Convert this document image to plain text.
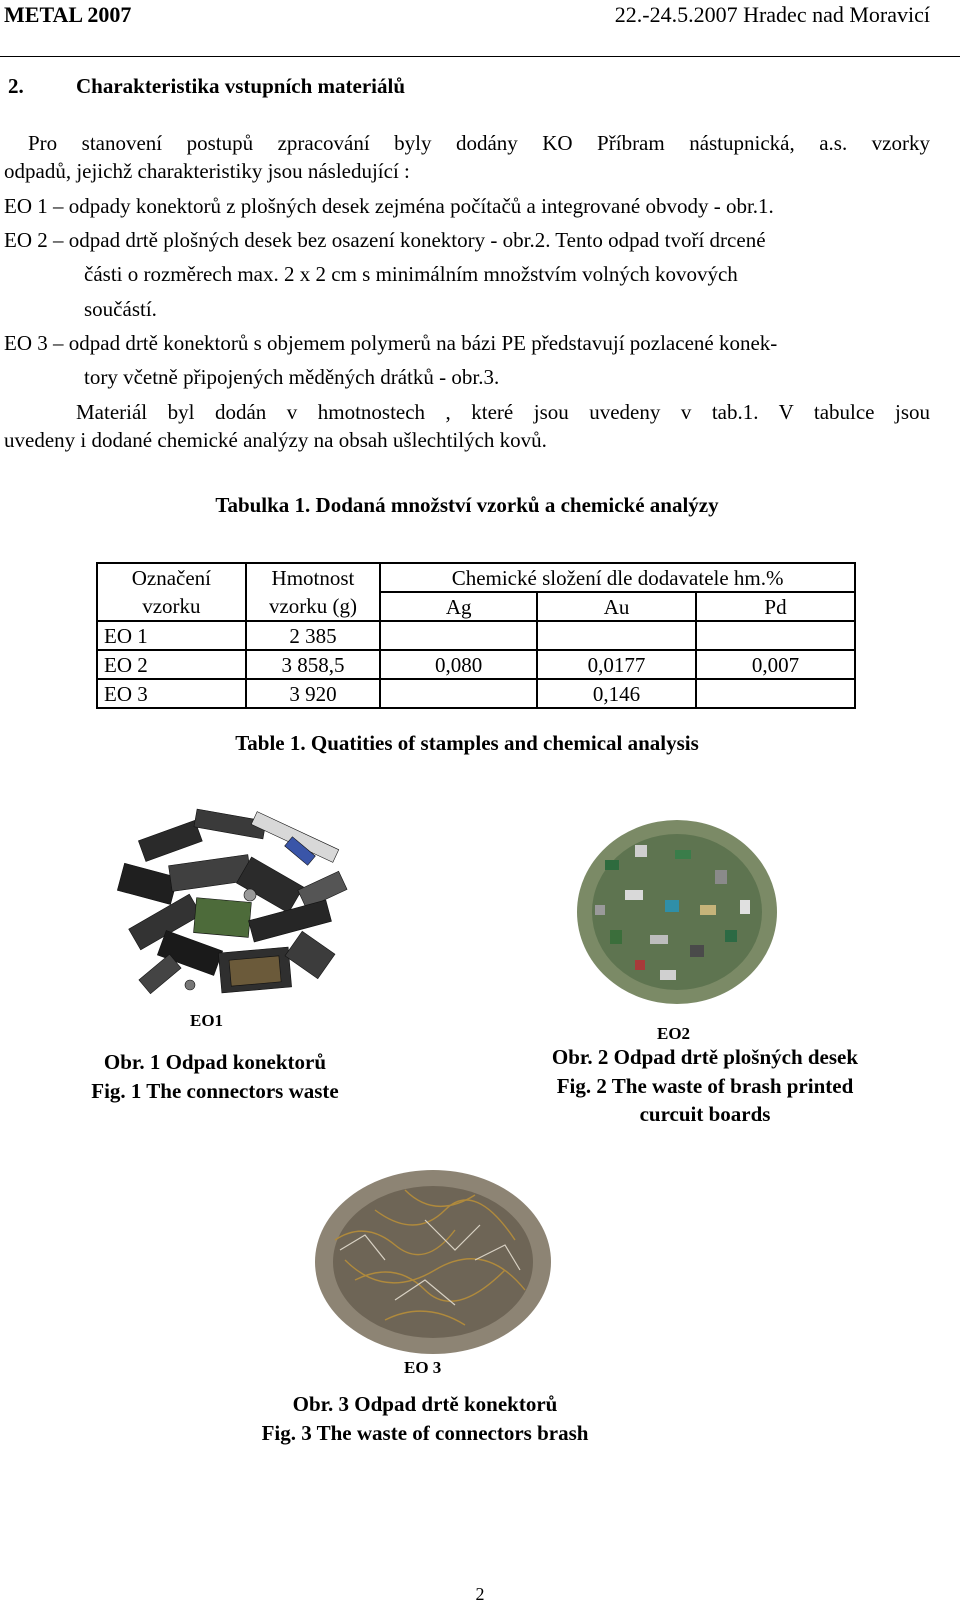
METAL 2007	22.-24.5.2007 Hradec nad Moravicí
2. Charakteristika vstupních materiálů
Pro stanovení postupů zpracování byly dodány KO Příbram nástupnická, a.s. vzorky
odpadů, jejichž charakteristiky jsou následující :
EO 1 – odpady konektorů z plošných desek zejména počítačů a integrované obvody - obr.1.
EO 2 – odpad drtě plošných desek bez osazení konektory - obr.2. Tento odpad tvoří drcené
části o rozměrech max. 2 x 2 cm s minimálním množstvím volných kovových
součástí.
EO 3 – odpad drtě konektorů s objemem polymerů na bázi PE představují pozlacené konek-
tory včetně připojených měděných drátků - obr.3.
Materiál byl dodán v hmotnostech , které jsou uvedeny v tab.1. V tabulce jsou
uvedeny i dodané chemické analýzy na obsah ušlechtilých kovů.
Tabulka 1. Dodaná množství vzorků a chemické analýzy
Označení	Hmotnost	Chemické složení dle dodavatele hm.%		
vzorku	vzorku (g)	Ag	Au	Pd
EO 1	2 385			
EO 2	3 858,5	0,080	0,0177	0,007
EO 3	3 920		0,146	
Table 1. Quatities of stamples and chemical analysis
EO1
Obr. 1 Odpad konektorů
Fig. 1 The connectors waste
EO2
Obr. 2 Odpad drtě plošných desek
Fig. 2 The waste of brash printed
curcuit boards
EO 3
Obr. 3 Odpad drtě konektorů
Fig. 3 The waste of connectors brash
2
